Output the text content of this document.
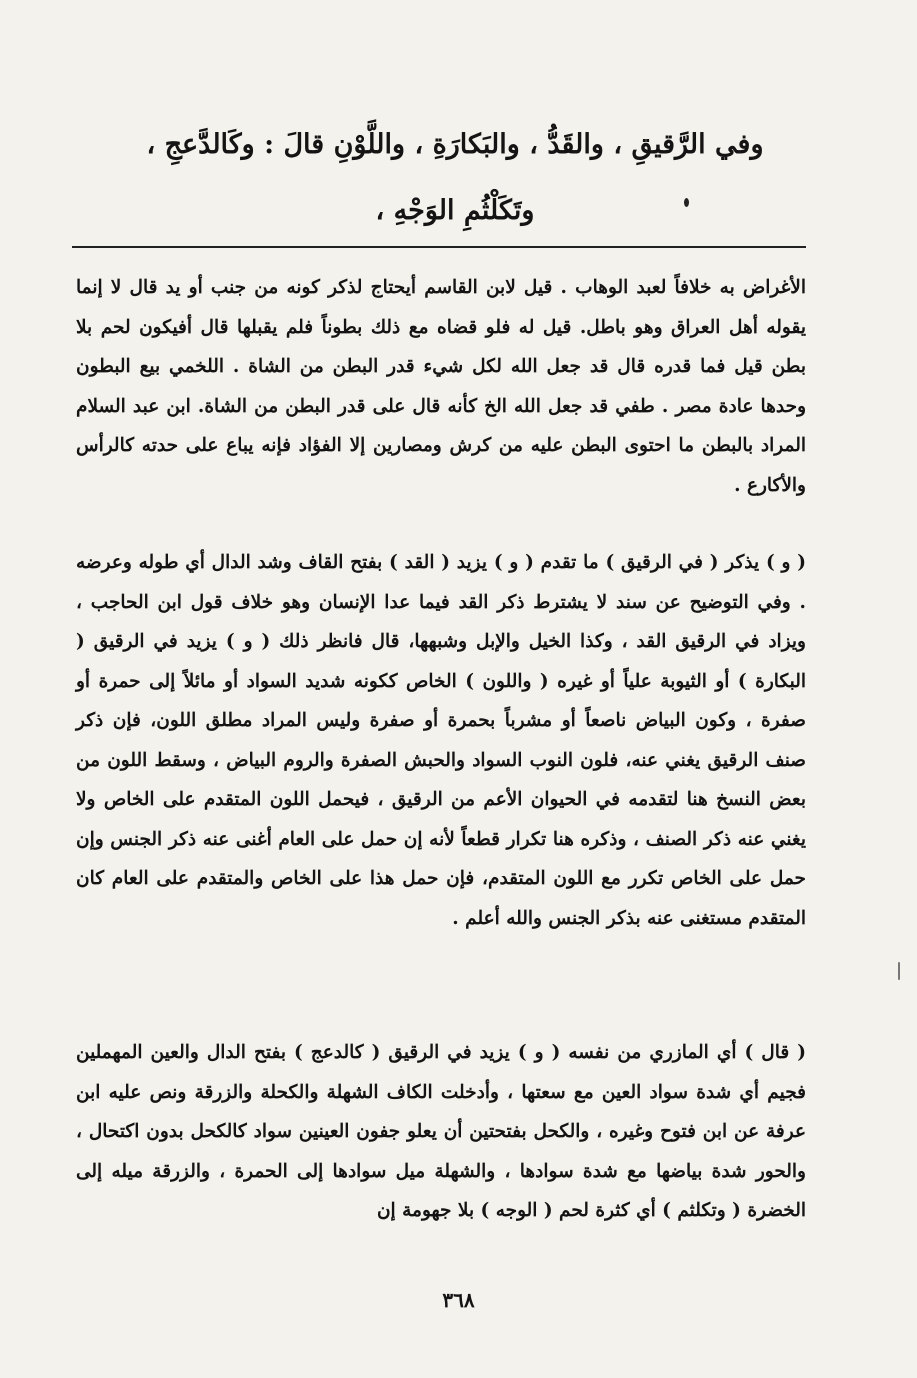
وفي الرَّقيقِ ، والقَدُّ ، والبَكارَةِ ، واللَّوْنِ قالَ : وكَالدَّعجِ ،
وتَكَلْثُمِ الوَجْهِ ،
الأغراض به خلافاً لعبد الوهاب . قيل لابن القاسم أيحتاج لذكر كونه من جنب أو يد قال لا إنما يقوله أهل العراق وهو باطل. قيل له فلو قضاه مع ذلك بطوناً فلم يقبلها قال أفيكون لحم بلا بطن قيل فما قدره قال قد جعل الله لكل شيء قدر البطن من الشاة . اللخمي بيع البطون وحدها عادة مصر . طفي قد جعل الله الخ كأنه قال على قدر البطن من الشاة. ابن عبد السلام المراد بالبطن ما احتوى البطن عليه من كرش ومصارين إلا الفؤاد فإنه يباع على حدته كالرأس والأكارع .
( و ) يذكر ( في الرقيق ) ما تقدم ( و ) يزيد ( القد ) بفتح القاف وشد الدال أي طوله وعرضه . وفي التوضيح عن سند لا يشترط ذكر القد فيما عدا الإنسان وهو خلاف قول ابن الحاجب ، ويزاد في الرقيق القد ، وكذا الخيل والإبل وشبهها، قال فانظر ذلك ( و ) يزيد في الرقيق ( البكارة ) أو الثيوبة علياً أو غيره ( واللون ) الخاص ككونه شديد السواد أو مائلاً إلى حمرة أو صفرة ، وكون البياض ناصعاً أو مشرباً بحمرة أو صفرة وليس المراد مطلق اللون، فإن ذكر صنف الرقيق يغني عنه، فلون النوب السواد والحبش الصفرة والروم البياض ، وسقط اللون من بعض النسخ هنا لتقدمه في الحيوان الأعم من الرقيق ، فيحمل اللون المتقدم على الخاص ولا يغني عنه ذكر الصنف ، وذكره هنا تكرار قطعاً لأنه إن حمل على العام أغنى عنه ذكر الجنس وإن حمل على الخاص تكرر مع اللون المتقدم، فإن حمل هذا على الخاص والمتقدم على العام كان المتقدم مستغنى عنه بذكر الجنس والله أعلم .
( قال ) أي المازري من نفسه ( و ) يزيد في الرقيق ( كالدعج ) بفتح الدال والعين المهملين فجيم أي شدة سواد العين مع سعتها ، وأدخلت الكاف الشهلة والكحلة والزرقة ونص عليه ابن عرفة عن ابن فتوح وغيره ، والكحل بفتحتين أن يعلو جفون العينين سواد كالكحل بدون اكتحال ، والحور شدة بياضها مع شدة سوادها ، والشهلة ميل سوادها إلى الحمرة ، والزرقة ميله إلى الخضرة ( وتكلثم ) أي كثرة لحم ( الوجه ) بلا جهومة إن
٣٦٨
